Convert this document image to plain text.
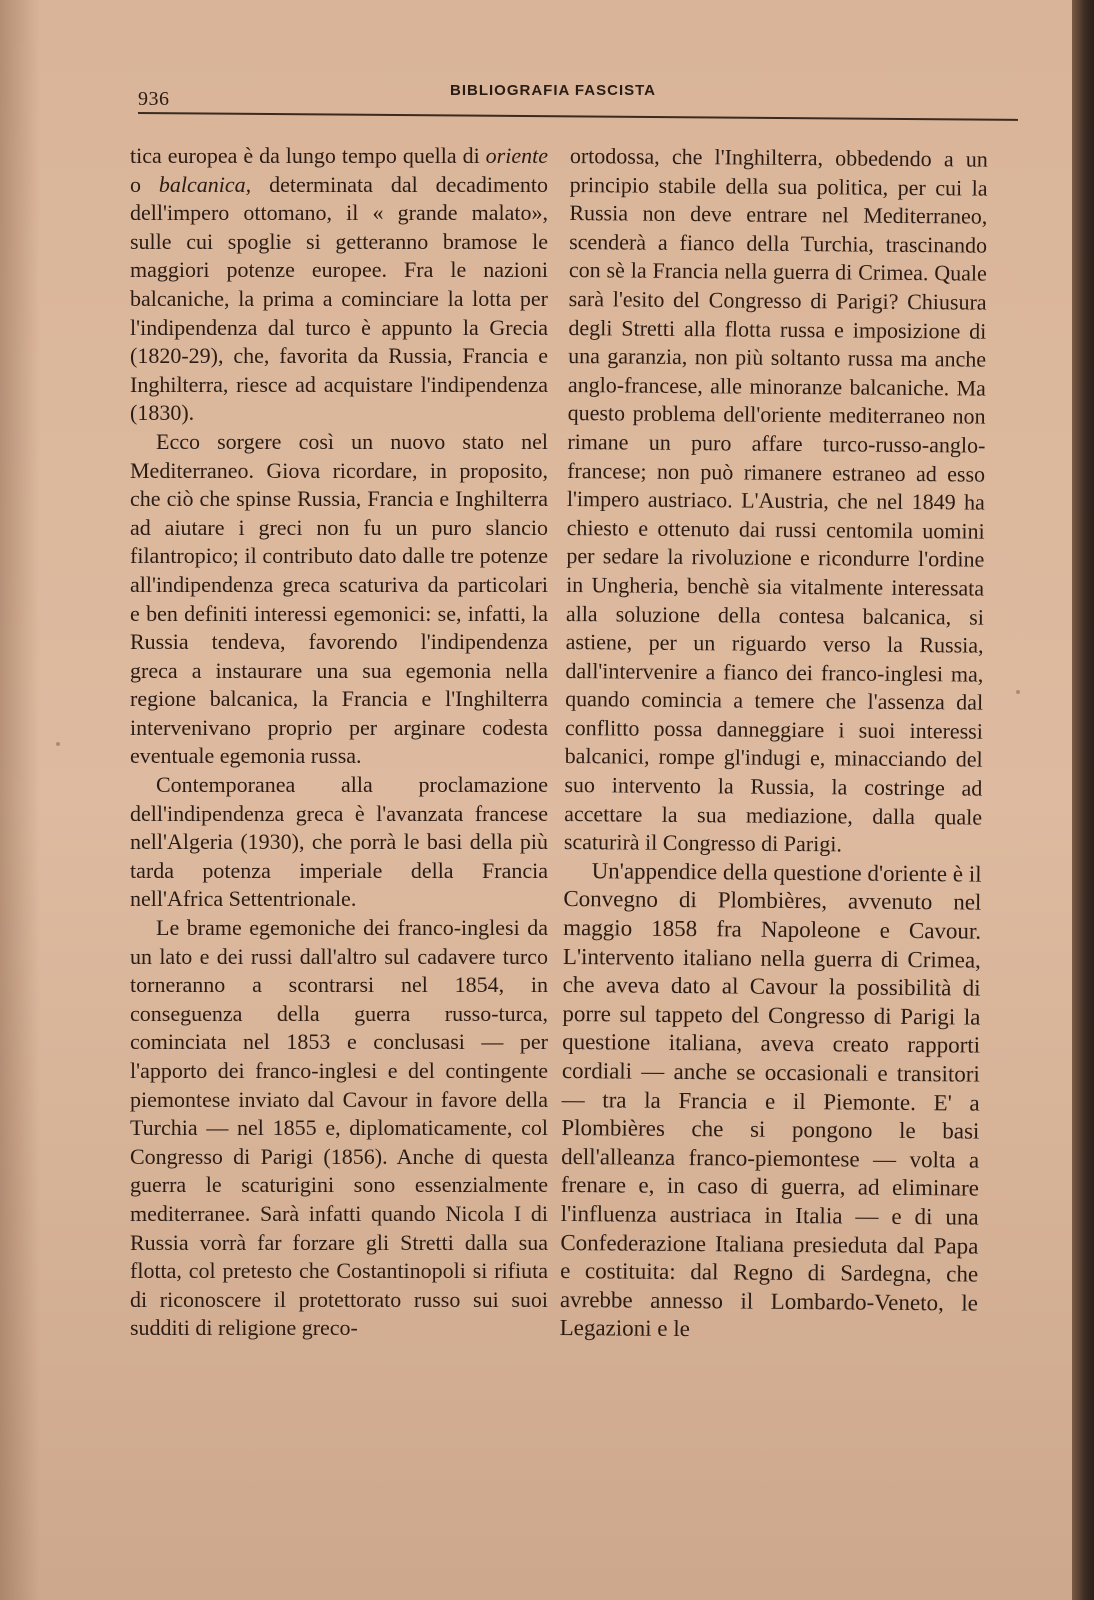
936	BIBLIOGRAFIA FASCISTA

tica europea è da lungo tempo quella di oriente o balcanica, determinata dal decadimento dell'impero ottomano, il « grande malato», sulle cui spoglie si getteranno bramose le maggiori potenze europee. Fra le nazioni balcaniche, la prima a cominciare la lotta per l'indipendenza dal turco è appunto la Grecia (1820-29), che, favorita da Russia, Francia e Inghilterra, riesce ad acquistare l'indipendenza (1830).

Ecco sorgere così un nuovo stato nel Mediterraneo. Giova ricordare, in proposito, che ciò che spinse Russia, Francia e Inghilterra ad aiutare i greci non fu un puro slancio filantropico; il contributo dato dalle tre potenze all'indipendenza greca scaturiva da particolari e ben definiti interessi egemonici: se, infatti, la Russia tendeva, favorendo l'indipendenza greca a instaurare una sua egemonia nella regione balcanica, la Francia e l'Inghilterra intervenivano proprio per arginare codesta eventuale egemonia russa.

Contemporanea alla proclamazione dell'indipendenza greca è l'avanzata francese nell'Algeria (1930), che porrà le basi della più tarda potenza imperiale della Francia nell'Africa Settentrionale.

Le brame egemoniche dei franco-inglesi da un lato e dei russi dall'altro sul cadavere turco torneranno a scontrarsi nel 1854, in conseguenza della guerra russo-turca, cominciata nel 1853 e conclusasi — per l'apporto dei franco-inglesi e del contingente piemontese inviato dal Cavour in favore della Turchia — nel 1855 e, diplomaticamente, col Congresso di Parigi (1856). Anche di questa guerra le scaturigini sono essenzialmente mediterranee. Sarà infatti quando Nicola I di Russia vorrà far forzare gli Stretti dalla sua flotta, col pretesto che Costantinopoli si rifiuta di riconoscere il protettorato russo sui suoi sudditi di religione greco-

ortodossa, che l'Inghilterra, obbedendo a un principio stabile della sua politica, per cui la Russia non deve entrare nel Mediterraneo, scenderà a fianco della Turchia, trascinando con sè la Francia nella guerra di Crimea. Quale sarà l'esito del Congresso di Parigi? Chiusura degli Stretti alla flotta russa e imposizione di una garanzia, non più soltanto russa ma anche anglo-francese, alle minoranze balcaniche. Ma questo problema dell'oriente mediterraneo non rimane un puro affare turco-russo-anglo-francese; non può rimanere estraneo ad esso l'impero austriaco. L'Austria, che nel 1849 ha chiesto e ottenuto dai russi centomila uomini per sedare la rivoluzione e ricondurre l'ordine in Ungheria, benchè sia vitalmente interessata alla soluzione della contesa balcanica, si astiene, per un riguardo verso la Russia, dall'intervenire a fianco dei franco-inglesi ma, quando comincia a temere che l'assenza dal conflitto possa danneggiare i suoi interessi balcanici, rompe gl'indugi e, minacciando del suo intervento la Russia, la costringe ad accettare la sua mediazione, dalla quale scaturirà il Congresso di Parigi.

Un'appendice della questione d'oriente è il Convegno di Plombières, avvenuto nel maggio 1858 fra Napoleone e Cavour. L'intervento italiano nella guerra di Crimea, che aveva dato al Cavour la possibilità di porre sul tappeto del Congresso di Parigi la questione italiana, aveva creato rapporti cordiali — anche se occasionali e transitori — tra la Francia e il Piemonte. E' a Plombières che si pongono le basi dell'alleanza franco-piemontese — volta a frenare e, in caso di guerra, ad eliminare l'influenza austriaca in Italia — e di una Confederazione Italiana presieduta dal Papa e costituita: dal Regno di Sardegna, che avrebbe annesso il Lombardo-Veneto, le Legazioni e le
